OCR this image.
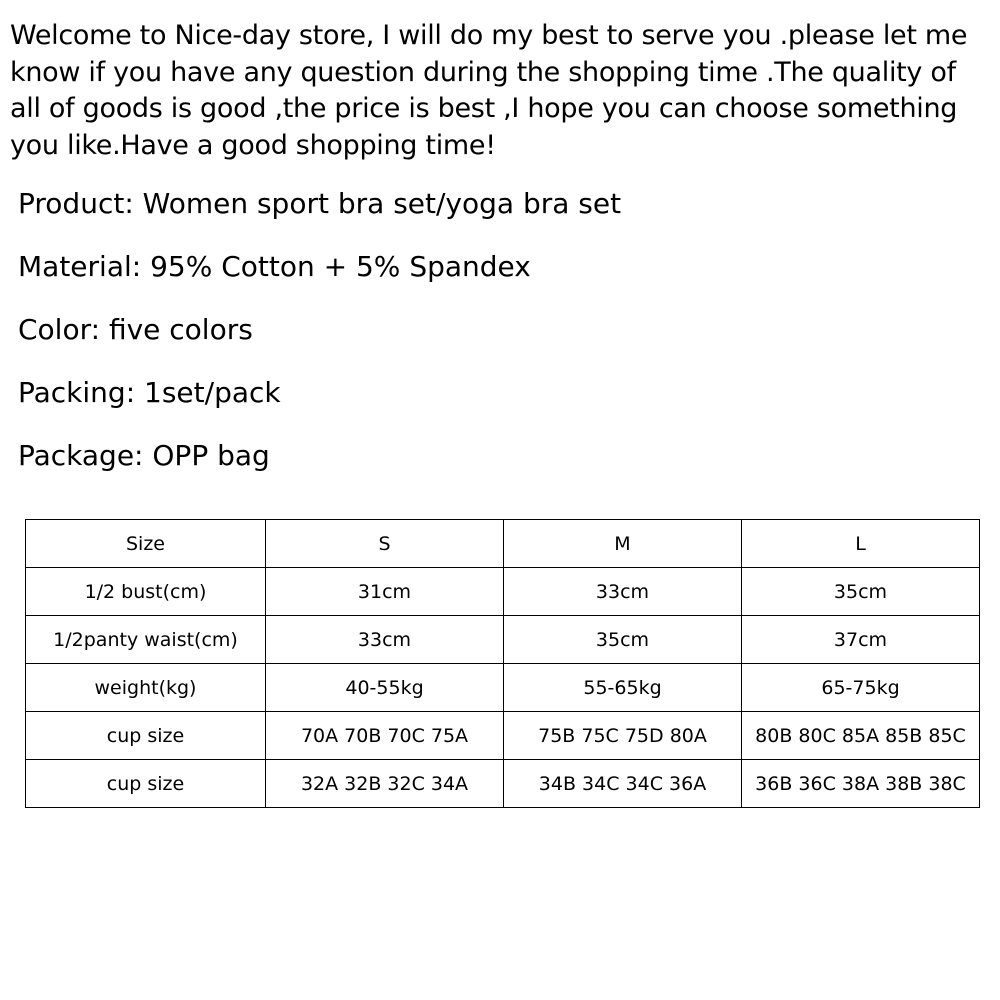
Welcome to Nice-day store, I will do my best to serve you .please let me know if you have any question during the shopping time .The quality of all of goods is good ,the price is best ,I hope you can choose something you like.Have a good shopping time!

Product: Women sport bra set/yoga bra set

Material: 95% Cotton + 5% Spandex

Color: five colors

Packing: 1set/pack

Package: OPP bag

Size	S	M	L
1/2 bust(cm)	31cm	33cm	35cm
1/2panty waist(cm)	33cm	35cm	37cm
weight(kg)	40-55kg	55-65kg	65-75kg
cup size	70A 70B 70C 75A	75B 75C 75D 80A	80B 80C 85A 85B 85C
cup size	32A 32B 32C 34A	34B 34C 34C 36A	36B 36C 38A 38B 38C
